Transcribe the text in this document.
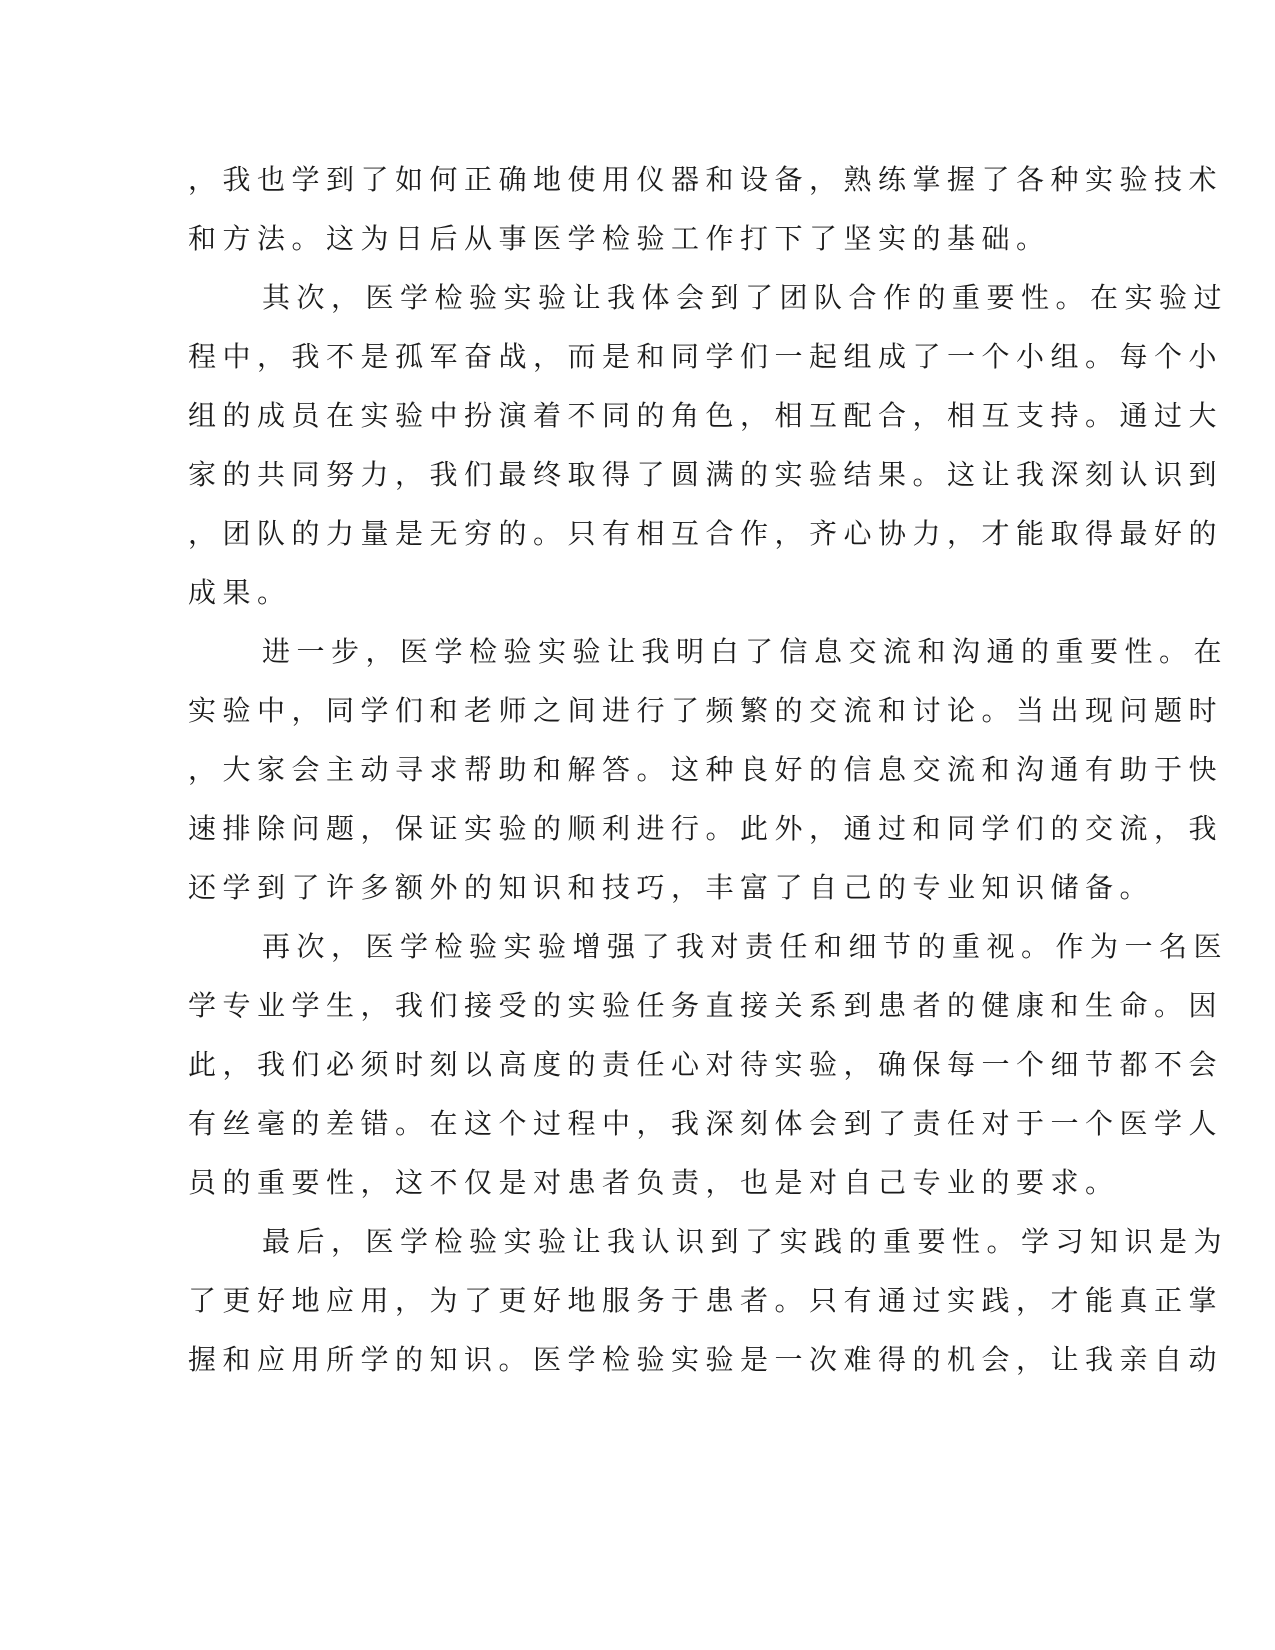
，我也学到了如何正确地使用仪器和设备，熟练掌握了各种实验技术

和方法。这为日后从事医学检验工作打下了坚实的基础。

其次，医学检验实验让我体会到了团队合作的重要性。在实验过

程中，我不是孤军奋战，而是和同学们一起组成了一个小组。每个小

组的成员在实验中扮演着不同的角色，相互配合，相互支持。通过大

家的共同努力，我们最终取得了圆满的实验结果。这让我深刻认识到

，团队的力量是无穷的。只有相互合作，齐心协力，才能取得最好的

成果。

进一步，医学检验实验让我明白了信息交流和沟通的重要性。在

实验中，同学们和老师之间进行了频繁的交流和讨论。当出现问题时

，大家会主动寻求帮助和解答。这种良好的信息交流和沟通有助于快

速排除问题，保证实验的顺利进行。此外，通过和同学们的交流，我

还学到了许多额外的知识和技巧，丰富了自己的专业知识储备。

再次，医学检验实验增强了我对责任和细节的重视。作为一名医

学专业学生，我们接受的实验任务直接关系到患者的健康和生命。因

此，我们必须时刻以高度的责任心对待实验，确保每一个细节都不会

有丝毫的差错。在这个过程中，我深刻体会到了责任对于一个医学人

员的重要性，这不仅是对患者负责，也是对自己专业的要求。

最后，医学检验实验让我认识到了实践的重要性。学习知识是为

了更好地应用，为了更好地服务于患者。只有通过实践，才能真正掌

握和应用所学的知识。医学检验实验是一次难得的机会，让我亲自动
